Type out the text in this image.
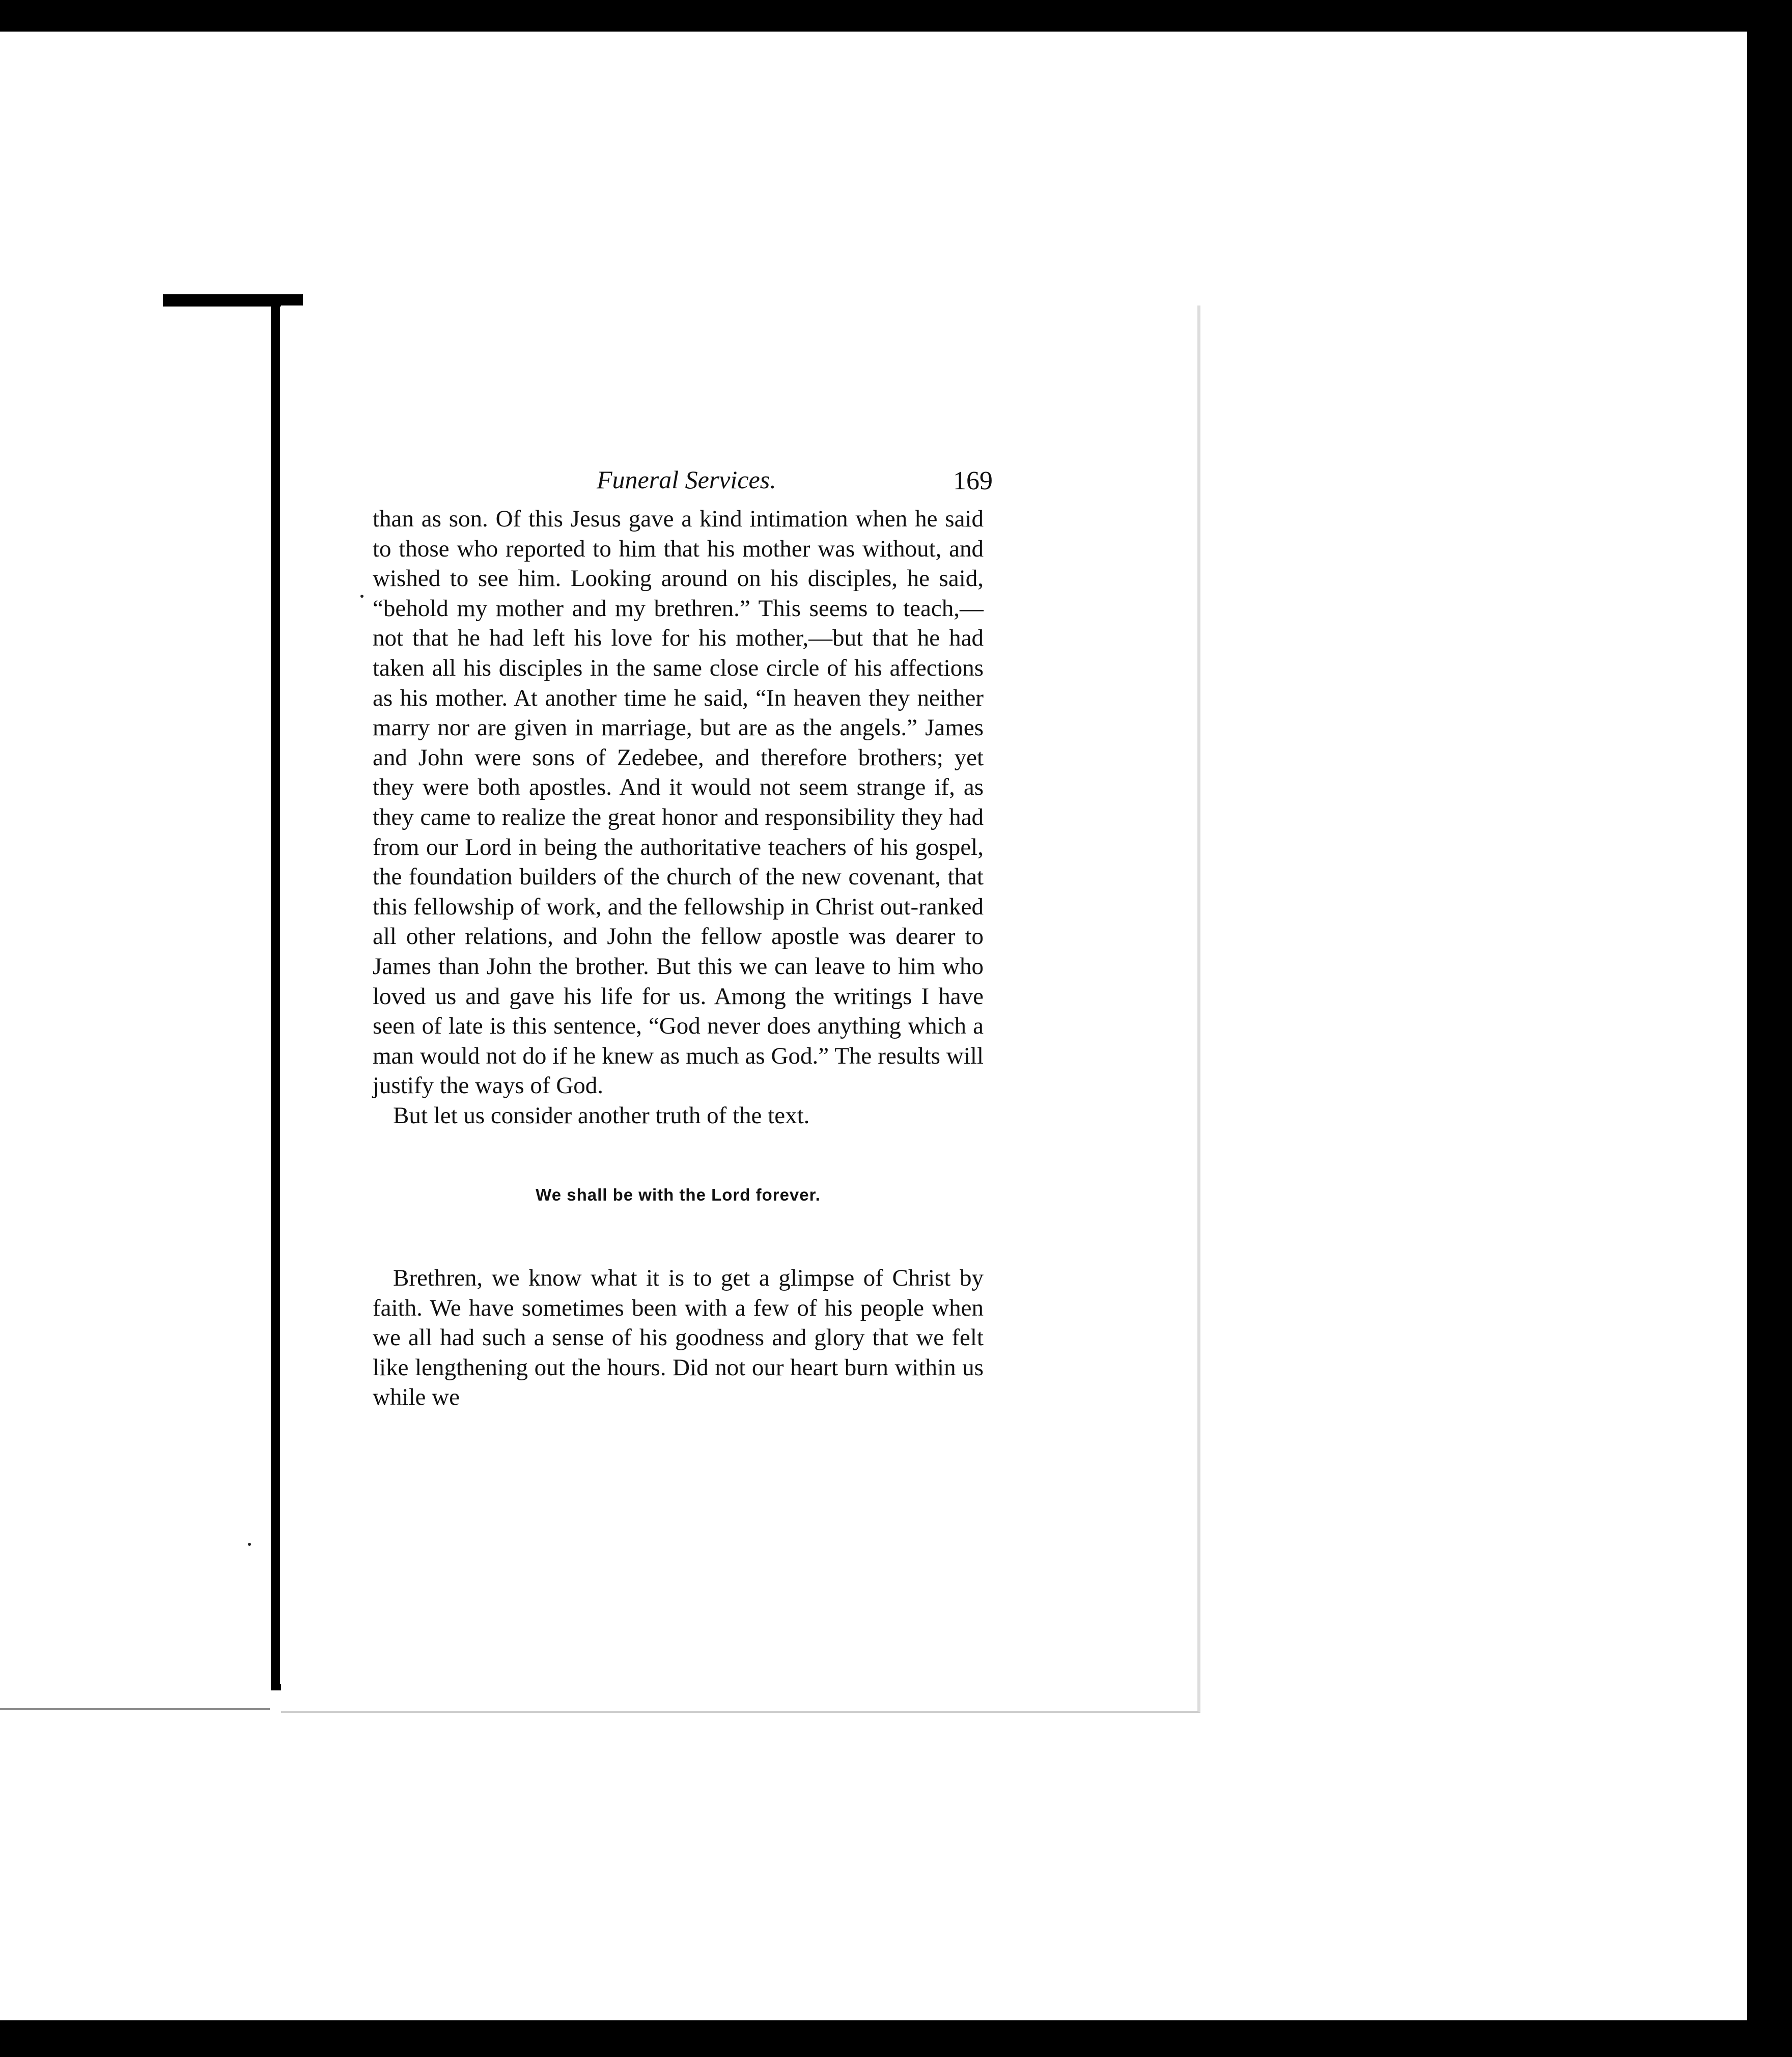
Funeral Services.	169

than as son. Of this Jesus gave a kind intimation when he said to those who reported to him that his mother was without, and wished to see him. Looking around on his disciples, he said, “behold my mother and my brethren.” This seems to teach,—not that he had left his love for his mother,—but that he had taken all his disciples in the same close circle of his affections as his mother. At another time he said, “In heaven they neither marry nor are given in marriage, but are as the angels.” James and John were sons of Zedebee, and therefore brothers; yet they were both apostles. And it would not seem strange if, as they came to realize the great honor and responsibility they had from our Lord in being the authoritative teachers of his gospel, the foundation builders of the church of the new covenant, that this fellowship of work, and the fellowship in Christ out-ranked all other relations, and John the fellow apostle was dearer to James than John the brother. But this we can leave to him who loved us and gave his life for us. Among the writings I have seen of late is this sentence, “God never does anything which a man would not do if he knew as much as God.” The results will justify the ways of God.

But let us consider another truth of the text.

We shall be with the Lord forever.

Brethren, we know what it is to get a glimpse of Christ by faith. We have sometimes been with a few of his people when we all had such a sense of his goodness and glory that we felt like lengthening out the hours. Did not our heart burn within us while we
